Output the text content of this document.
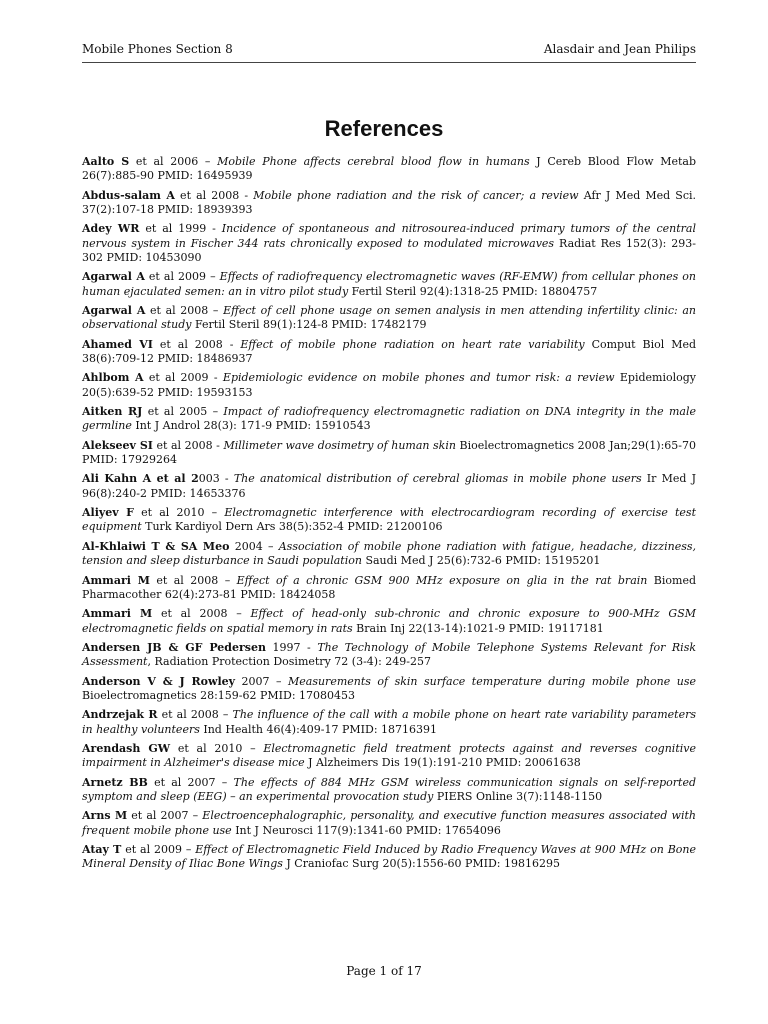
Mobile Phones Section 8	Alasdair and Jean Philips
References

Aalto S et al 2006 – Mobile Phone affects cerebral blood flow in humans J Cereb Blood Flow Metab 26(7):885-90 PMID: 16495939

Abdus-salam A et al 2008 - Mobile phone radiation and the risk of cancer; a review Afr J Med Med Sci. 37(2):107-18 PMID: 18939393

Adey WR et al 1999 - Incidence of spontaneous and nitrosourea-induced primary tumors of the central nervous system in Fischer 344 rats chronically exposed to modulated microwaves Radiat Res 152(3): 293-302 PMID: 10453090

Agarwal A et al 2009 – Effects of radiofrequency electromagnetic waves (RF-EMW) from cellular phones on human ejaculated semen: an in vitro pilot study Fertil Steril 92(4):1318-25 PMID: 18804757

Agarwal A et al 2008 – Effect of cell phone usage on semen analysis in men attending infertility clinic: an observational study Fertil Steril 89(1):124-8 PMID: 17482179

Ahamed VI et al 2008 - Effect of mobile phone radiation on heart rate variability Comput Biol Med 38(6):709-12 PMID: 18486937

Ahlbom A et al 2009 - Epidemiologic evidence on mobile phones and tumor risk: a review Epidemiology 20(5):639-52 PMID: 19593153

Aitken RJ et al 2005 – Impact of radiofrequency electromagnetic radiation on DNA integrity in the male germline Int J Androl 28(3): 171-9 PMID: 15910543

Alekseev SI et al 2008 - Millimeter wave dosimetry of human skin Bioelectromagnetics 2008 Jan;29(1):65-70 PMID: 17929264

Ali Kahn A et al 2003 - The anatomical distribution of cerebral gliomas in mobile phone users Ir Med J 96(8):240-2 PMID: 14653376

Aliyev F et al 2010 – Electromagnetic interference with electrocardiogram recording of exercise test equipment Turk Kardiyol Dern Ars 38(5):352-4 PMID: 21200106

Al-Khlaiwi T & SA Meo 2004 – Association of mobile phone radiation with fatigue, headache, dizziness, tension and sleep disturbance in Saudi population Saudi Med J 25(6):732-6 PMID: 15195201

Ammari M et al 2008 – Effect of a chronic GSM 900 MHz exposure on glia in the rat brain Biomed Pharmacother 62(4):273-81 PMID: 18424058

Ammari M et al 2008 – Effect of head-only sub-chronic and chronic exposure to 900-MHz GSM electromagnetic fields on spatial memory in rats Brain Inj 22(13-14):1021-9 PMID: 19117181

Andersen JB & GF Pedersen 1997 - The Technology of Mobile Telephone Systems Relevant for Risk Assessment, Radiation Protection Dosimetry 72 (3-4): 249-257

Anderson V & J Rowley 2007 – Measurements of skin surface temperature during mobile phone use Bioelectromagnetics 28:159-62 PMID: 17080453

Andrzejak R et al 2008 – The influence of the call with a mobile phone on heart rate variability parameters in healthy volunteers Ind Health 46(4):409-17 PMID: 18716391

Arendash GW et al 2010 – Electromagnetic field treatment protects against and reverses cognitive impairment in Alzheimer's disease mice J Alzheimers Dis 19(1):191-210 PMID: 20061638

Arnetz BB et al 2007 – The effects of 884 MHz GSM wireless communication signals on self-reported symptom and sleep (EEG) – an experimental provocation study PIERS Online 3(7):1148-1150

Arns M et al 2007 – Electroencephalographic, personality, and executive function measures associated with frequent mobile phone use Int J Neurosci 117(9):1341-60 PMID: 17654096

Atay T et al 2009 – Effect of Electromagnetic Field Induced by Radio Frequency Waves at 900 MHz on Bone Mineral Density of Iliac Bone Wings J Craniofac Surg 20(5):1556-60 PMID: 19816295

Page 1 of 17
